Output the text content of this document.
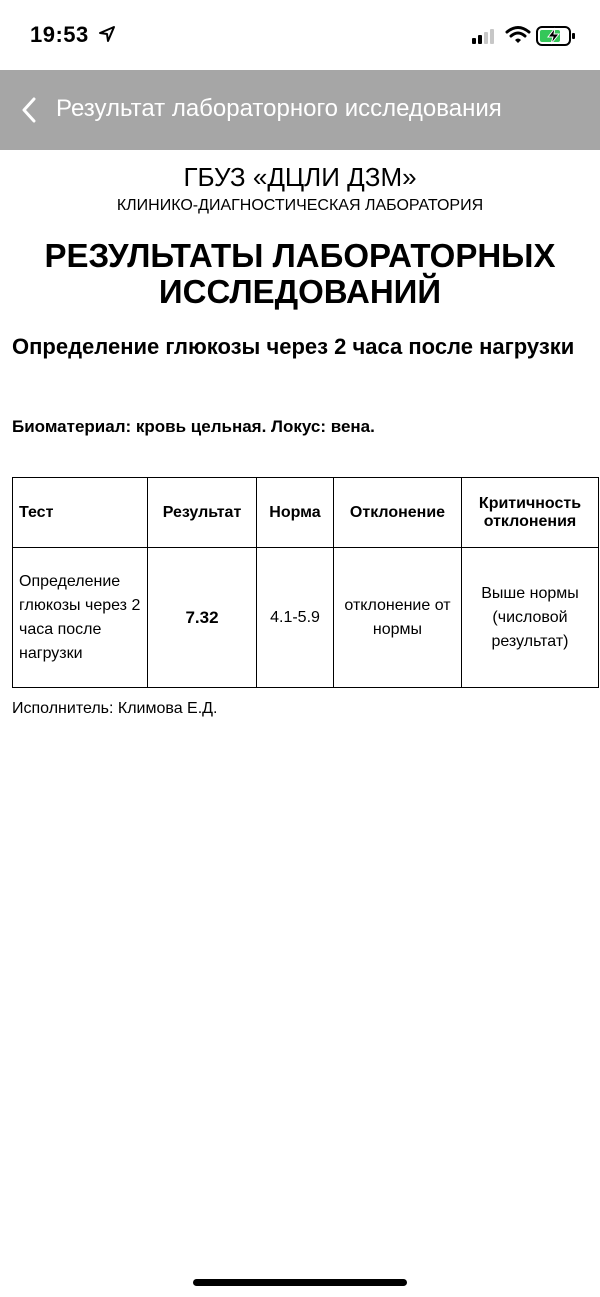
19:53
Результат лабораторного исследования
ГБУЗ «ДЦЛИ ДЗМ»
КЛИНИКО-ДИАГНОСТИЧЕСКАЯ ЛАБОРАТОРИЯ
РЕЗУЛЬТАТЫ ЛАБОРАТОРНЫХ
ИССЛЕДОВАНИЙ
Определение глюкозы через 2 часа после нагрузки
Биоматериал: кровь цельная. Локус: вена.
Тест	Результат	Норма	Отклонение	Критичность отклонения
Определение глюкозы через 2 часа после нагрузки	7.32	4.1-5.9	отклонение от нормы	Выше нормы (числовой результат)
Исполнитель: Климова Е.Д.
